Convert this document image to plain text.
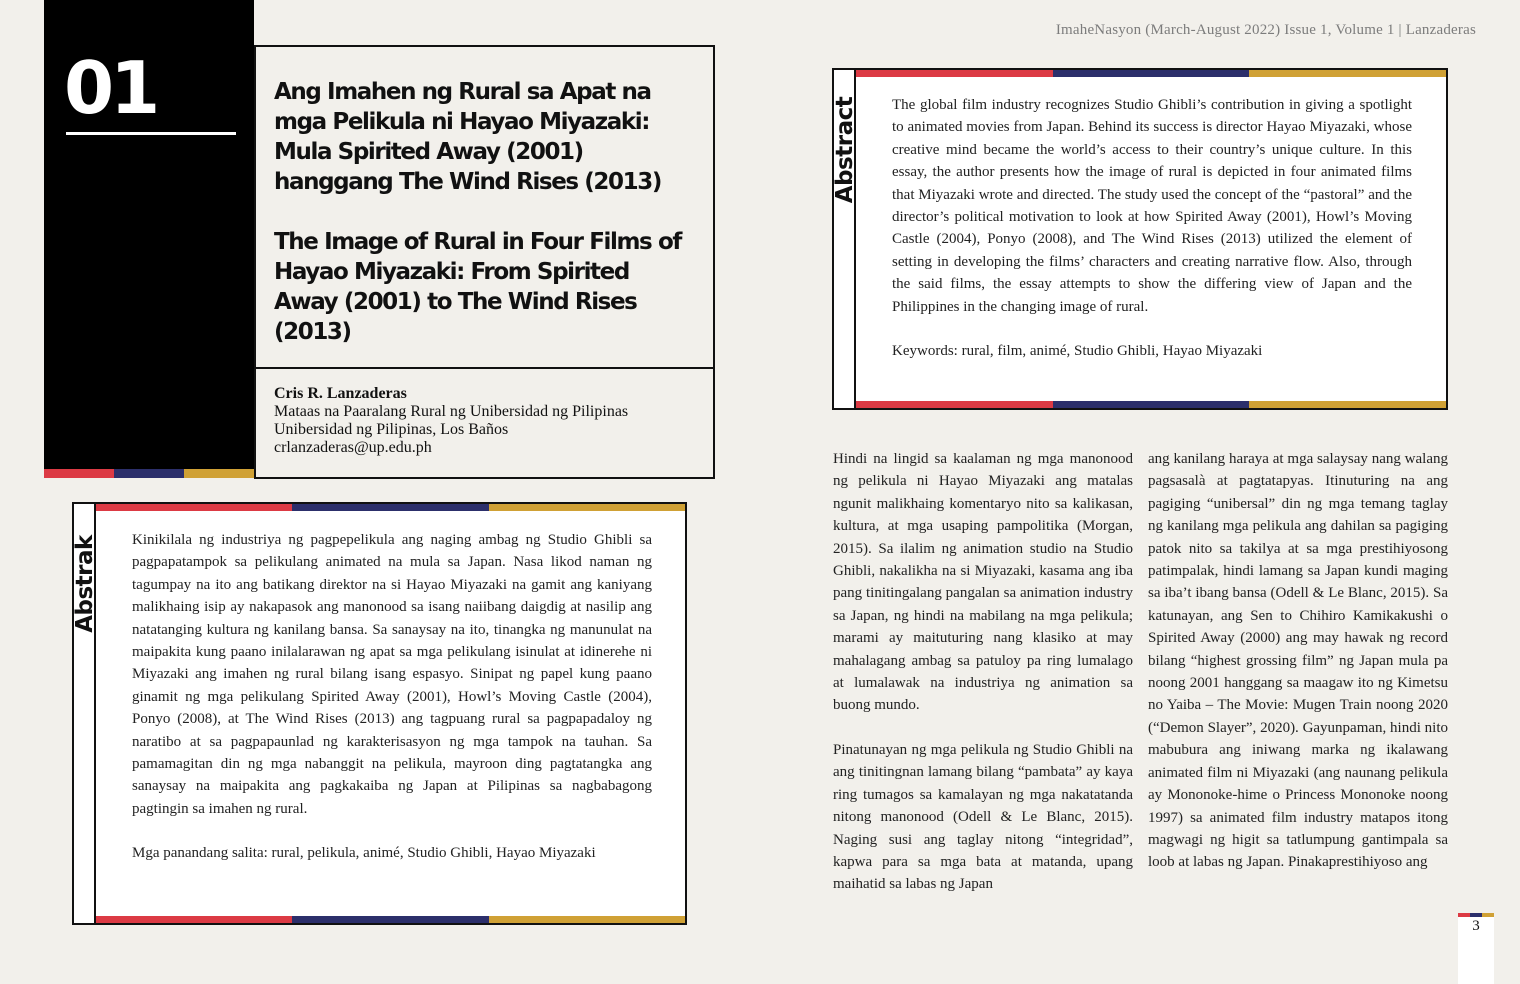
ImaheNasyon (March-August 2022) Issue 1, Volume 1 | Lanzaderas
01	Ang Imahen ng Rural sa Apat na mga Pelikula ni Hayao Miyazaki: Mula Spirited Away (2001) hanggang The Wind Rises (2013)
The Image of Rural in Four Films of Hayao Miyazaki: From Spirited Away (2001) to The Wind Rises (2013)
Cris R. Lanzaderas
Mataas na Paaralang Rural ng Unibersidad ng Pilipinas
Unibersidad ng Pilipinas, Los Baños
crlanzaderas@up.edu.ph
Abstrak Kinikilala ng industriya ng pagpepelikula ang naging ambag ng Studio Ghibli sa pagpapatampok sa pelikulang animated na mula sa Japan. Nasa likod naman ng tagumpay na ito ang batikang direktor na si Hayao Miyazaki na gamit ang kaniyang malikhaing isip ay nakapasok ang manonood sa isang naiibang daigdig at nasilip ang natatanging kultura ng kanilang bansa. Sa sanaysay na ito, tinangka ng manunulat na maipakita kung paano inilalarawan ng apat sa mga pelikulang isinulat at idinerehe ni Miyazaki ang imahen ng rural bilang isang espasyo. Sinipat ng papel kung paano ginamit ng mga pelikulang Spirited Away (2001), Howl’s Moving Castle (2004), Ponyo (2008), at The Wind Rises (2013) ang tagpuang rural sa pagpapadaloy ng naratibo at sa pagpapaunlad ng karakterisasyon ng mga tampok na tauhan. Sa pamamagitan din ng mga nabanggit na pelikula, mayroon ding pagtatangka ang sanaysay na maipakita ang pagkakaiba ng Japan at Pilipinas sa nagbabagong pagtingin sa imahen ng rural.

Mga panandang salita: rural, pelikula, animé, Studio Ghibli, Hayao Miyazaki

Abstract The global film industry recognizes Studio Ghibli’s contribution in giving a spotlight to animated movies from Japan. Behind its success is director Hayao Miyazaki, whose creative mind became the world’s access to their country’s unique culture. In this essay, the author presents how the image of rural is depicted in four animated films that Miyazaki wrote and directed. The study used the concept of the “pastoral” and the director’s political motivation to look at how Spirited Away (2001), Howl’s Moving Castle (2004), Ponyo (2008), and The Wind Rises (2013) utilized the element of setting in developing the films’ characters and creating narrative flow. Also, through the said films, the essay attempts to show the differing view of Japan and the Philippines in the changing image of rural.

Keywords: rural, film, animé, Studio Ghibli, Hayao Miyazaki

Hindi na lingid sa kaalaman ng mga manonood ng pelikula ni Hayao Miyazaki ang matalas ngunit malikhaing komentaryo nito sa kalikasan, kultura, at mga usaping pampolitika (Morgan, 2015). Sa ilalim ng animation studio na Studio Ghibli, nakalikha na si Miyazaki, kasama ang iba pang tinitingalang pangalan sa animation industry sa Japan, ng hindi na mabilang na mga pelikula; marami ay maituturing nang klasiko at may mahalagang ambag sa patuloy pa ring lumalago at lumalawak na industriya ng animation sa buong mundo.

Pinatunayan ng mga pelikula ng Studio Ghibli na ang tinitingnan lamang bilang “pambata” ay kaya ring tumagos sa kamalayan ng mga nakatatanda nitong manonood (Odell & Le Blanc, 2015). Naging susi ang taglay nitong “integridad”, kapwa para sa mga bata at matanda, upang maihatid sa labas ng Japan

ang kanilang haraya at mga salaysay nang walang pagsasalà at pagtatapyas. Itinuturing na ang pagiging “unibersal” din ng mga temang taglay ng kanilang mga pelikula ang dahilan sa pagiging patok nito sa takilya at sa mga prestihiyosong patimpalak, hindi lamang sa Japan kundi maging sa iba’t ibang bansa (Odell & Le Blanc, 2015). Sa katunayan, ang Sen to Chihiro Kamikakushi o Spirited Away (2000) ang may hawak ng record bilang “highest grossing film” ng Japan mula pa noong 2001 hanggang sa maagaw ito ng Kimetsu no Yaiba – The Movie: Mugen Train noong 2020 (“Demon Slayer”, 2020). Gayunpaman, hindi nito mabubura ang iniwang marka ng ikalawang animated film ni Miyazaki (ang naunang pelikula ay Mononoke-hime o Princess Mononoke noong 1997) sa animated film industry matapos itong magwagi ng higit sa tatlumpung gantimpala sa loob at labas ng Japan. Pinakaprestihiyoso ang

3
